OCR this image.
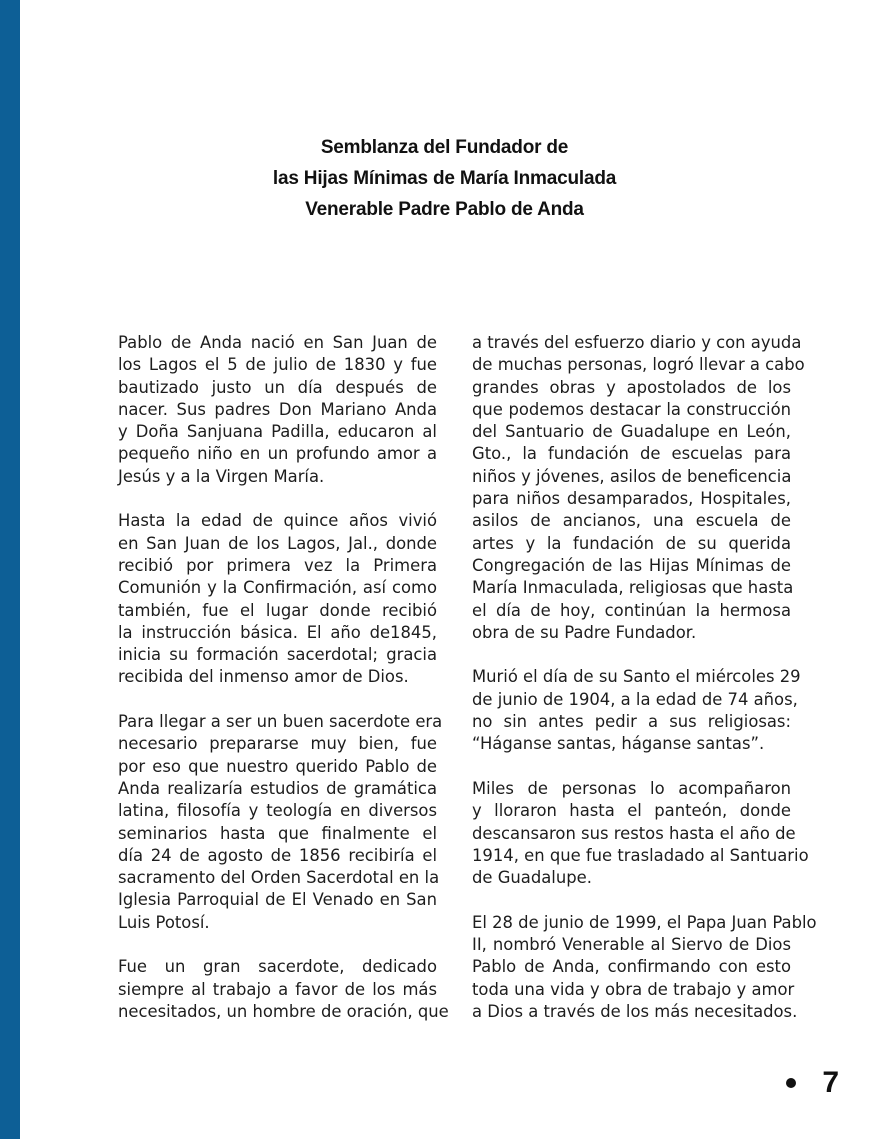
Semblanza del Fundador de
las Hijas Mínimas de María Inmaculada
Venerable Padre Pablo de Anda
Pablo de Anda nació en San Juan de
los Lagos el 5 de julio de 1830 y fue
bautizado justo un día después de
nacer. Sus padres Don Mariano Anda
y Doña Sanjuana Padilla, educaron al
pequeño niño en un profundo amor a
Jesús y a la Virgen María.
Hasta la edad de quince años vivió
en San Juan de los Lagos, Jal., donde
recibió por primera vez la Primera
Comunión y la Confirmación, así como
también, fue el lugar donde recibió
la instrucción básica. El año de1845,
inicia su formación sacerdotal; gracia
recibida del inmenso amor de Dios.
Para llegar a ser un buen sacerdote era
necesario prepararse muy bien, fue
por eso que nuestro querido Pablo de
Anda realizaría estudios de gramática
latina, filosofía y teología en diversos
seminarios hasta que finalmente el
día 24 de agosto de 1856 recibiría el
sacramento del Orden Sacerdotal en la
Iglesia Parroquial de El Venado en San
Luis Potosí.
Fue un gran sacerdote, dedicado
siempre al trabajo a favor de los más
necesitados, un hombre de oración, que
a través del esfuerzo diario y con ayuda
de muchas personas, logró llevar a cabo
grandes obras y apostolados de los
que podemos destacar la construcción
del Santuario de Guadalupe en León,
Gto., la fundación de escuelas para
niños y jóvenes, asilos de beneficencia
para niños desamparados, Hospitales,
asilos de ancianos, una escuela de
artes y la fundación de su querida
Congregación de las Hijas Mínimas de
María Inmaculada, religiosas que hasta
el día de hoy, continúan la hermosa
obra de su Padre Fundador.
Murió el día de su Santo el miércoles 29
de junio de 1904, a la edad de 74 años,
no sin antes pedir a sus religiosas:
“Háganse santas, háganse santas”.
Miles de personas lo acompañaron
y lloraron hasta el panteón, donde
descansaron sus restos hasta el año de
1914, en que fue trasladado al Santuario
de Guadalupe.
El 28 de junio de 1999, el Papa Juan Pablo
II, nombró Venerable al Siervo de Dios
Pablo de Anda, confirmando con esto
toda una vida y obra de trabajo y amor
a Dios a través de los más necesitados.
7
